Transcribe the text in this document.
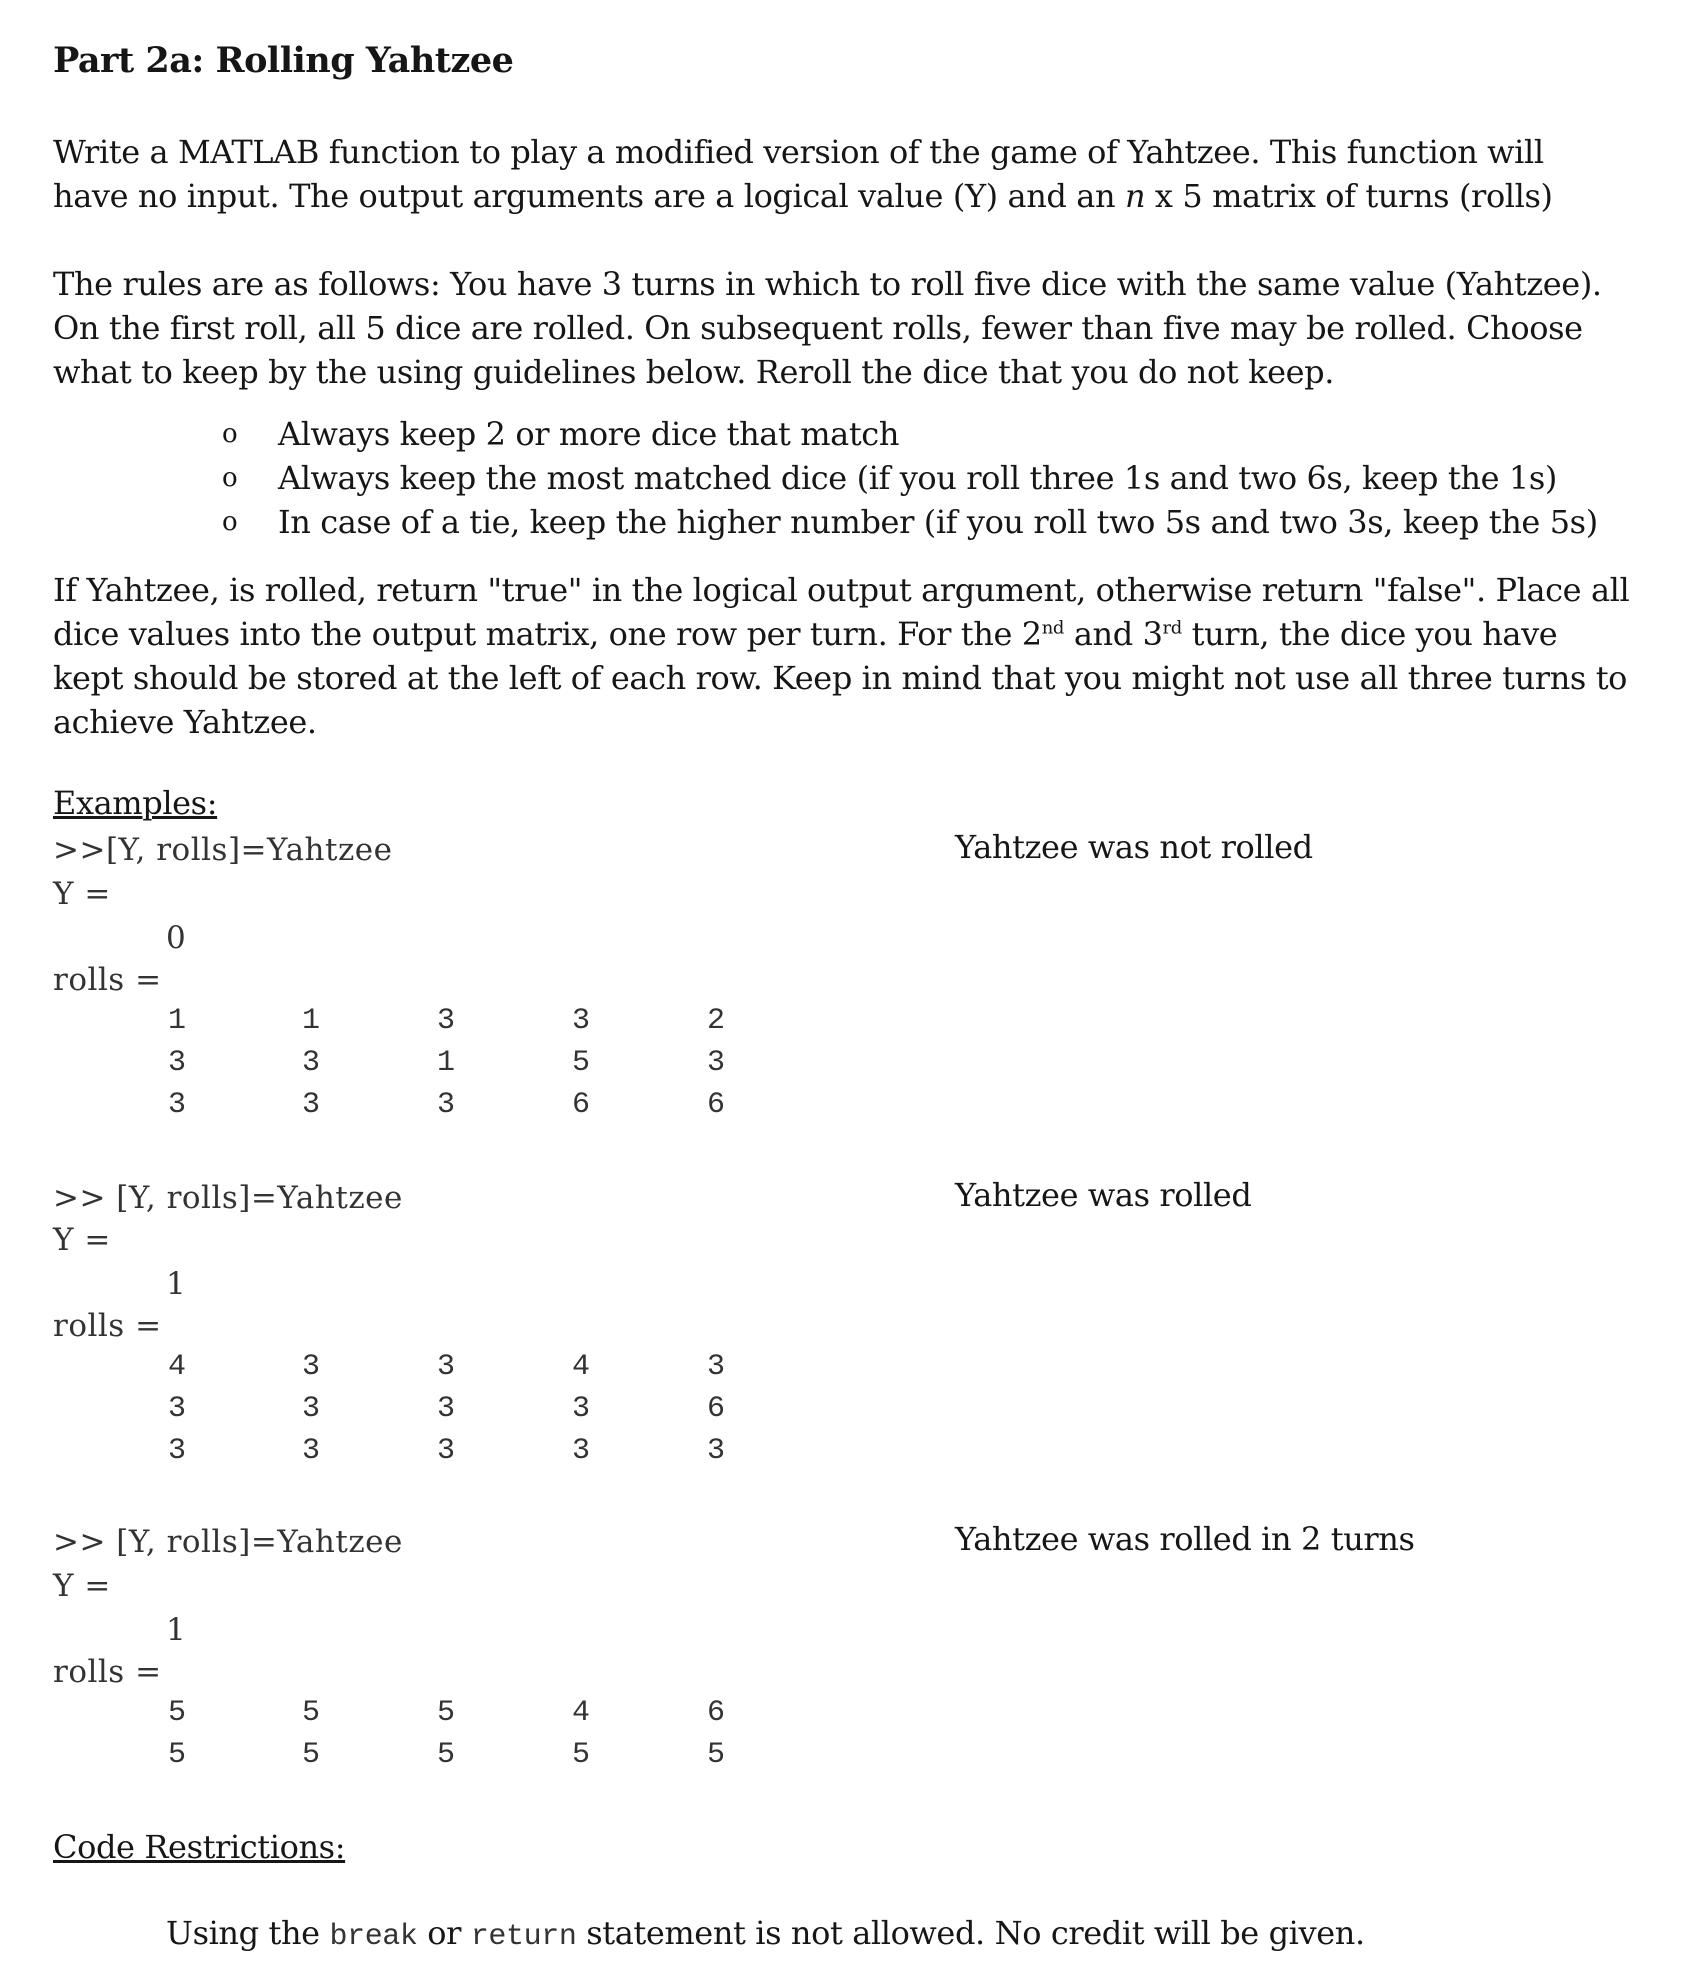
Part 2a: Rolling Yahtzee
Write a MATLAB function to play a modified version of the game of Yahtzee. This function will
have no input. The output arguments are a logical value (Y) and an n x 5 matrix of turns (rolls)
The rules are as follows: You have 3 turns in which to roll five dice with the same value (Yahtzee).
On the first roll, all 5 dice are rolled. On subsequent rolls, fewer than five may be rolled. Choose
what to keep by the using guidelines below. Reroll the dice that you do not keep.
o Always keep 2 or more dice that match
o Always keep the most matched dice (if you roll three 1s and two 6s, keep the 1s)
o In case of a tie, keep the higher number (if you roll two 5s and two 3s, keep the 5s)
If Yahtzee, is rolled, return "true" in the logical output argument, otherwise return "false". Place all
dice values into the output matrix, one row per turn. For the 2nd and 3rd turn, the dice you have
kept should be stored at the left of each row. Keep in mind that you might not use all three turns to
achieve Yahtzee.
Examples:
>>[Y, rolls]=Yahtzee	Yahtzee was not rolled
Y =
0
rolls =
1	1	3	3	2
3	3	1	5	3
3	3	3	6	6
>> [Y, rolls]=Yahtzee	Yahtzee was rolled
Y =
1
rolls =
4	3	3	4	3
3	3	3	3	6
3	3	3	3	3
>> [Y, rolls]=Yahtzee	Yahtzee was rolled in 2 turns
Y =
1
rolls =
5	5	5	4	6
5	5	5	5	5
Code Restrictions:
Using the break or return statement is not allowed. No credit will be given.
